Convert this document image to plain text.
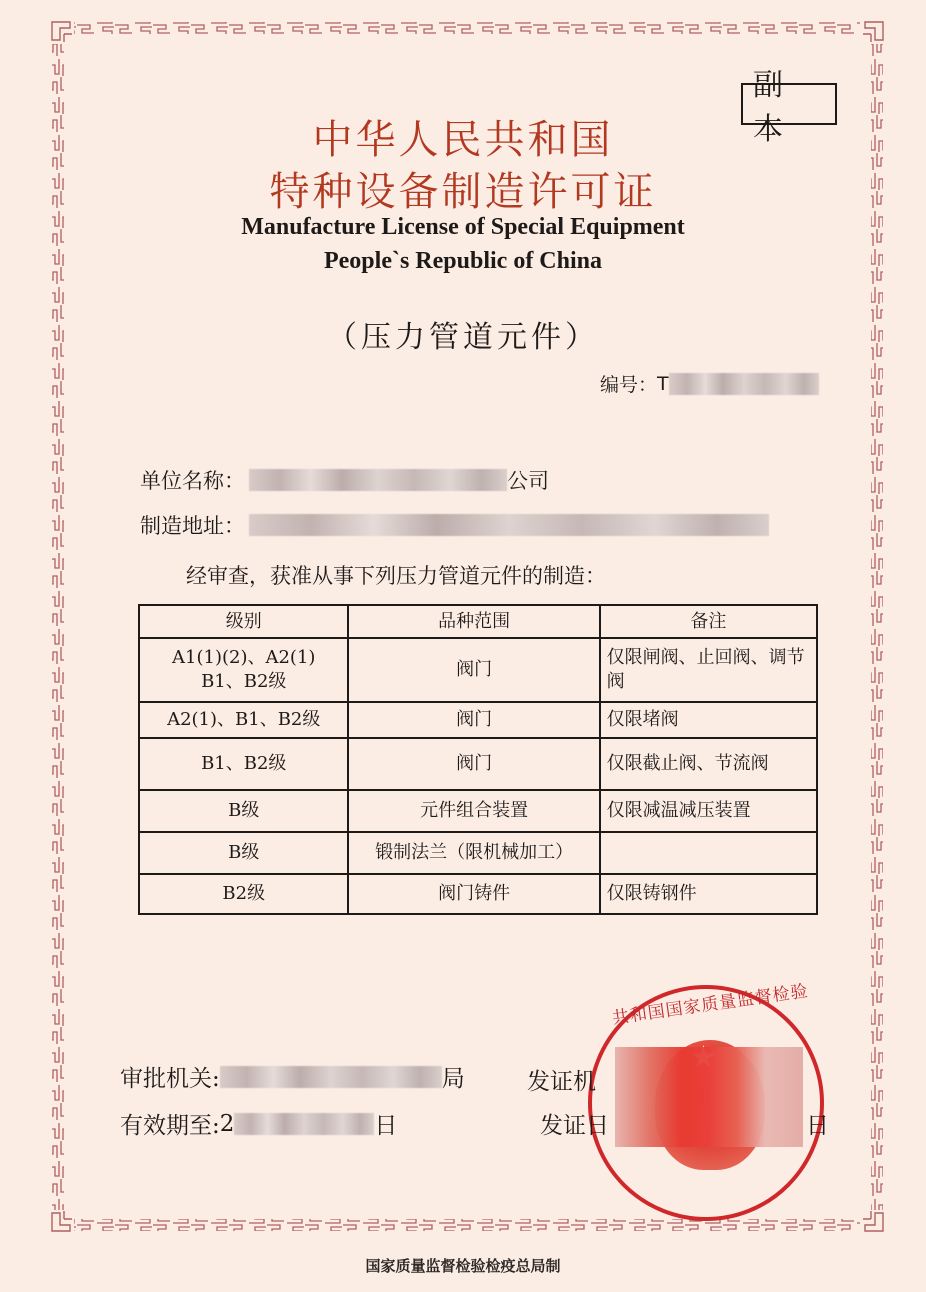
副 本
中华人民共和国
特种设备制造许可证
Manufacture License of Special Equipment
People`s Republic of China
（压力管道元件）
编号： T
单位名称：	公司
制造地址：
经审查，获准从事下列压力管道元件的制造：
级别	品种范围	备注

A1(1)(2)、A2(1)
B1、B2级	阀门	仅限闸阀、止回阀、调节阀
A2(1)、B1、B2级	阀门	仅限堵阀
B1、B2级	阀门	仅限截止阀、节流阀
B级	元件组合装置	仅限减温减压装置
B级	锻制法兰（限机械加工）	
B2级	阀门铸件	仅限铸钢件
共和国国家质量监督检验
审批机关:	局
有效期至: 2	日
发证机
发证日	日
国家质量监督检验检疫总局制
